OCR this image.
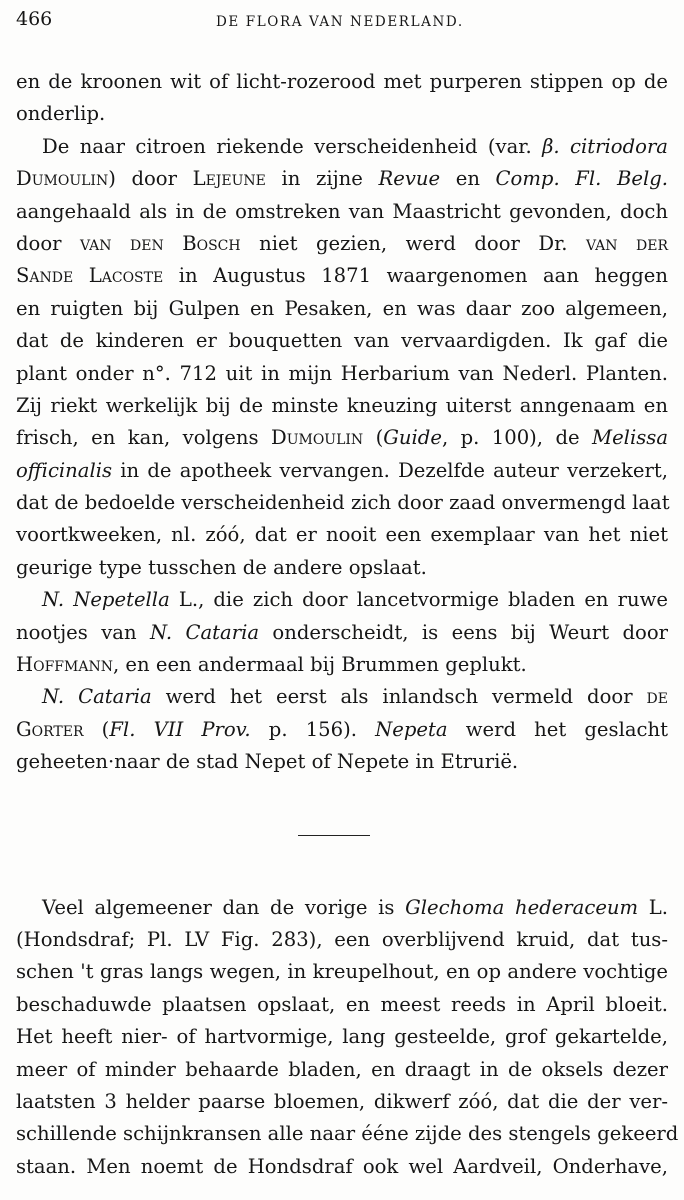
466	DE FLORA VAN NEDERLAND.
en de kroonen wit of licht-rozerood met purperen stippen op de
onderlip.
De naar citroen riekende verscheidenheid (var. β. citriodora
Dumoulin) door Lejeune in zijne Revue en Comp. Fl. Belg.
aangehaald als in de omstreken van Maastricht gevonden, doch
door van den Bosch niet gezien, werd door Dr. van der
Sande Lacoste in Augustus 1871 waargenomen aan heggen
en ruigten bij Gulpen en Pesaken, en was daar zoo algemeen,
dat de kinderen er bouquetten van vervaardigden. Ik gaf die
plant onder n°. 712 uit in mijn Herbarium van Nederl. Planten.
Zij riekt werkelijk bij de minste kneuzing uiterst anngenaam en
frisch, en kan, volgens Dumoulin (Guide, p. 100), de Melissa
officinalis in de apotheek vervangen. Dezelfde auteur verzekert,
dat de bedoelde verscheidenheid zich door zaad onvermengd laat
voortkweeken, nl. zóó, dat er nooit een exemplaar van het niet
geurige type tusschen de andere opslaat.
N. Nepetella L., die zich door lancetvormige bladen en ruwe
nootjes van N. Cataria onderscheidt, is eens bij Weurt door
Hoffmann, en een andermaal bij Brummen geplukt.
N. Cataria werd het eerst als inlandsch vermeld door de
Gorter (Fl. VII Prov. p. 156). Nepeta werd het geslacht
geheeten·naar de stad Nepet of Nepete in Etrurië.
Veel algemeener dan de vorige is Glechoma hederaceum L.
(Hondsdraf; Pl. LV Fig. 283), een overblijvend kruid, dat tus-
schen 't gras langs wegen, in kreupelhout, en op andere vochtige
beschaduwde plaatsen opslaat, en meest reeds in April bloeit.
Het heeft nier- of hartvormige, lang gesteelde, grof gekartelde,
meer of minder behaarde bladen, en draagt in de oksels dezer
laatsten 3 helder paarse bloemen, dikwerf zóó, dat die der ver-
schillende schijnkransen alle naar ééne zijde des stengels gekeerd
staan. Men noemt de Hondsdraf ook wel Aardveil, Onderhave,
